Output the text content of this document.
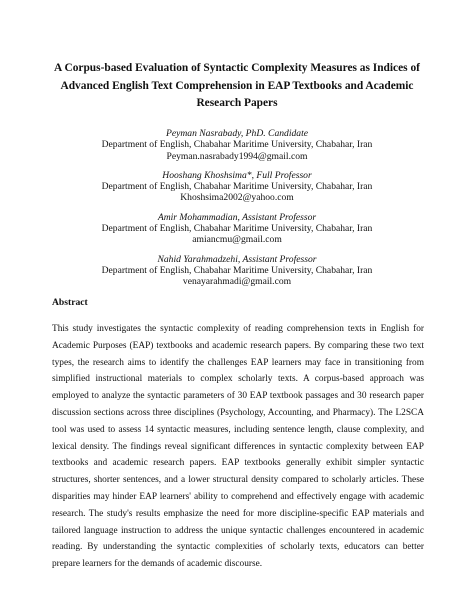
A Corpus-based Evaluation of Syntactic Complexity Measures as Indices of
Advanced English Text Comprehension in EAP Textbooks and Academic
Research Papers
Peyman Nasrabady, PhD. Candidate
Department of English, Chabahar Maritime University, Chabahar, Iran
Peyman.nasrabady1994@gmail.com
Hooshang Khoshsima*, Full Professor
Department of English, Chabahar Maritime University, Chabahar, Iran
Khoshsima2002@yahoo.com
Amir Mohammadian, Assistant Professor
Department of English, Chabahar Maritime University, Chabahar, Iran
amiancmu@gmail.com
Nahid Yarahmadzehi, Assistant Professor
Department of English, Chabahar Maritime University, Chabahar, Iran
venayarahmadi@gmail.com
Abstract
This study investigates the syntactic complexity of reading comprehension texts in English for
Academic Purposes (EAP) textbooks and academic research papers. By comparing these two text
types, the research aims to identify the challenges EAP learners may face in transitioning from
simplified instructional materials to complex scholarly texts. A corpus-based approach was
employed to analyze the syntactic parameters of 30 EAP textbook passages and 30 research paper
discussion sections across three disciplines (Psychology, Accounting, and Pharmacy). The L2SCA
tool was used to assess 14 syntactic measures, including sentence length, clause complexity, and
lexical density. The findings reveal significant differences in syntactic complexity between EAP
textbooks and academic research papers. EAP textbooks generally exhibit simpler syntactic
structures, shorter sentences, and a lower structural density compared to scholarly articles. These
disparities may hinder EAP learners' ability to comprehend and effectively engage with academic
research. The study's results emphasize the need for more discipline-specific EAP materials and
tailored language instruction to address the unique syntactic challenges encountered in academic
reading. By understanding the syntactic complexities of scholarly texts, educators can better
prepare learners for the demands of academic discourse.
